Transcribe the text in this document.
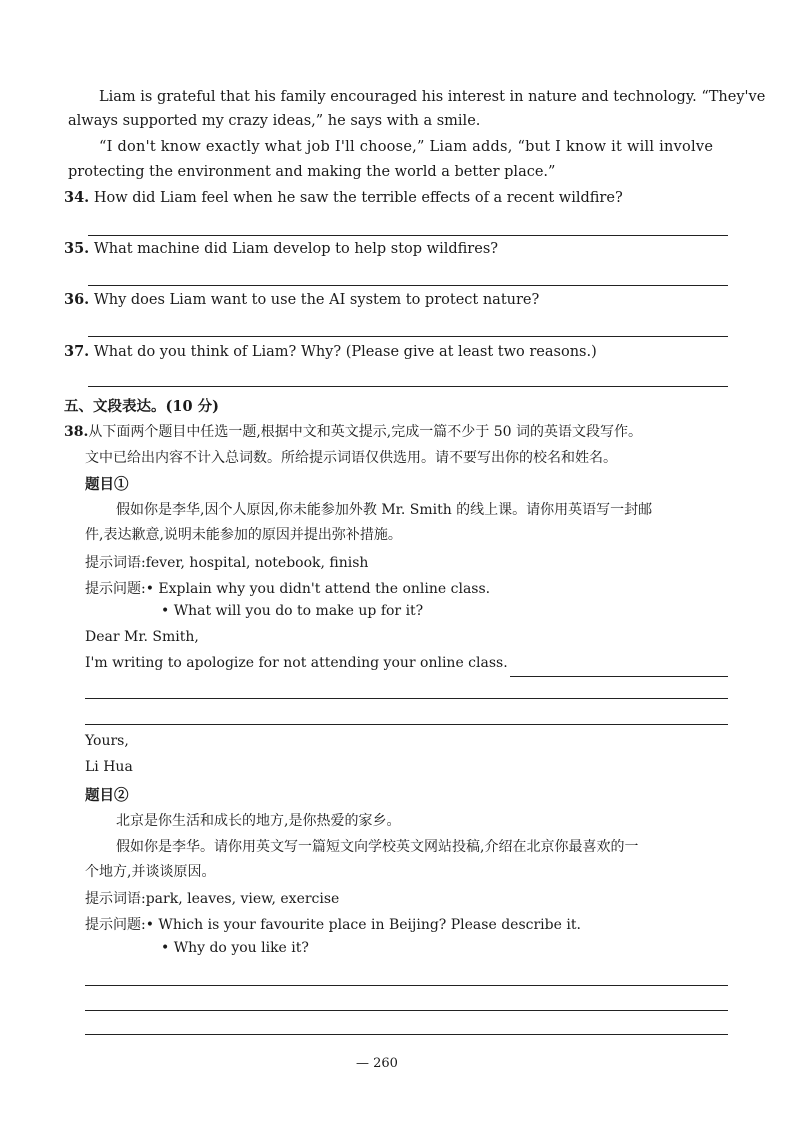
Liam is grateful that his family encouraged his interest in nature and technology. “They've
always supported my crazy ideas,” he says with a smile.
“I don't know exactly what job I'll choose,” Liam adds, “but I know it will involve
protecting the environment and making the world a better place.”
34. How did Liam feel when he saw the terrible effects of a recent wildfire?
35. What machine did Liam develop to help stop wildfires?
36. Why does Liam want to use the AI system to protect nature?
37. What do you think of Liam? Why? (Please give at least two reasons.)
五、文段表达。(10 分)
38.从下面两个题目中任选一题,根据中文和英文提示,完成一篇不少于 50 词的英语文段写作。
文中已给出内容不计入总词数。所给提示词语仅供选用。请不要写出你的校名和姓名。
题目①
假如你是李华,因个人原因,你未能参加外教 Mr. Smith 的线上课。请你用英语写一封邮
件,表达歉意,说明未能参加的原因并提出弥补措施。
提示词语:fever, hospital, notebook, finish
提示问题:• Explain why you didn't attend the online class.
• What will you do to make up for it?
Dear Mr. Smith,
I'm writing to apologize for not attending your online class.
Yours,
Li Hua
题目②
北京是你生活和成长的地方,是你热爱的家乡。
假如你是李华。请你用英文写一篇短文向学校英文网站投稿,介绍在北京你最喜欢的一
个地方,并谈谈原因。
提示词语:park, leaves, view, exercise
提示问题:• Which is your favourite place in Beijing? Please describe it.
• Why do you like it?
— 260
